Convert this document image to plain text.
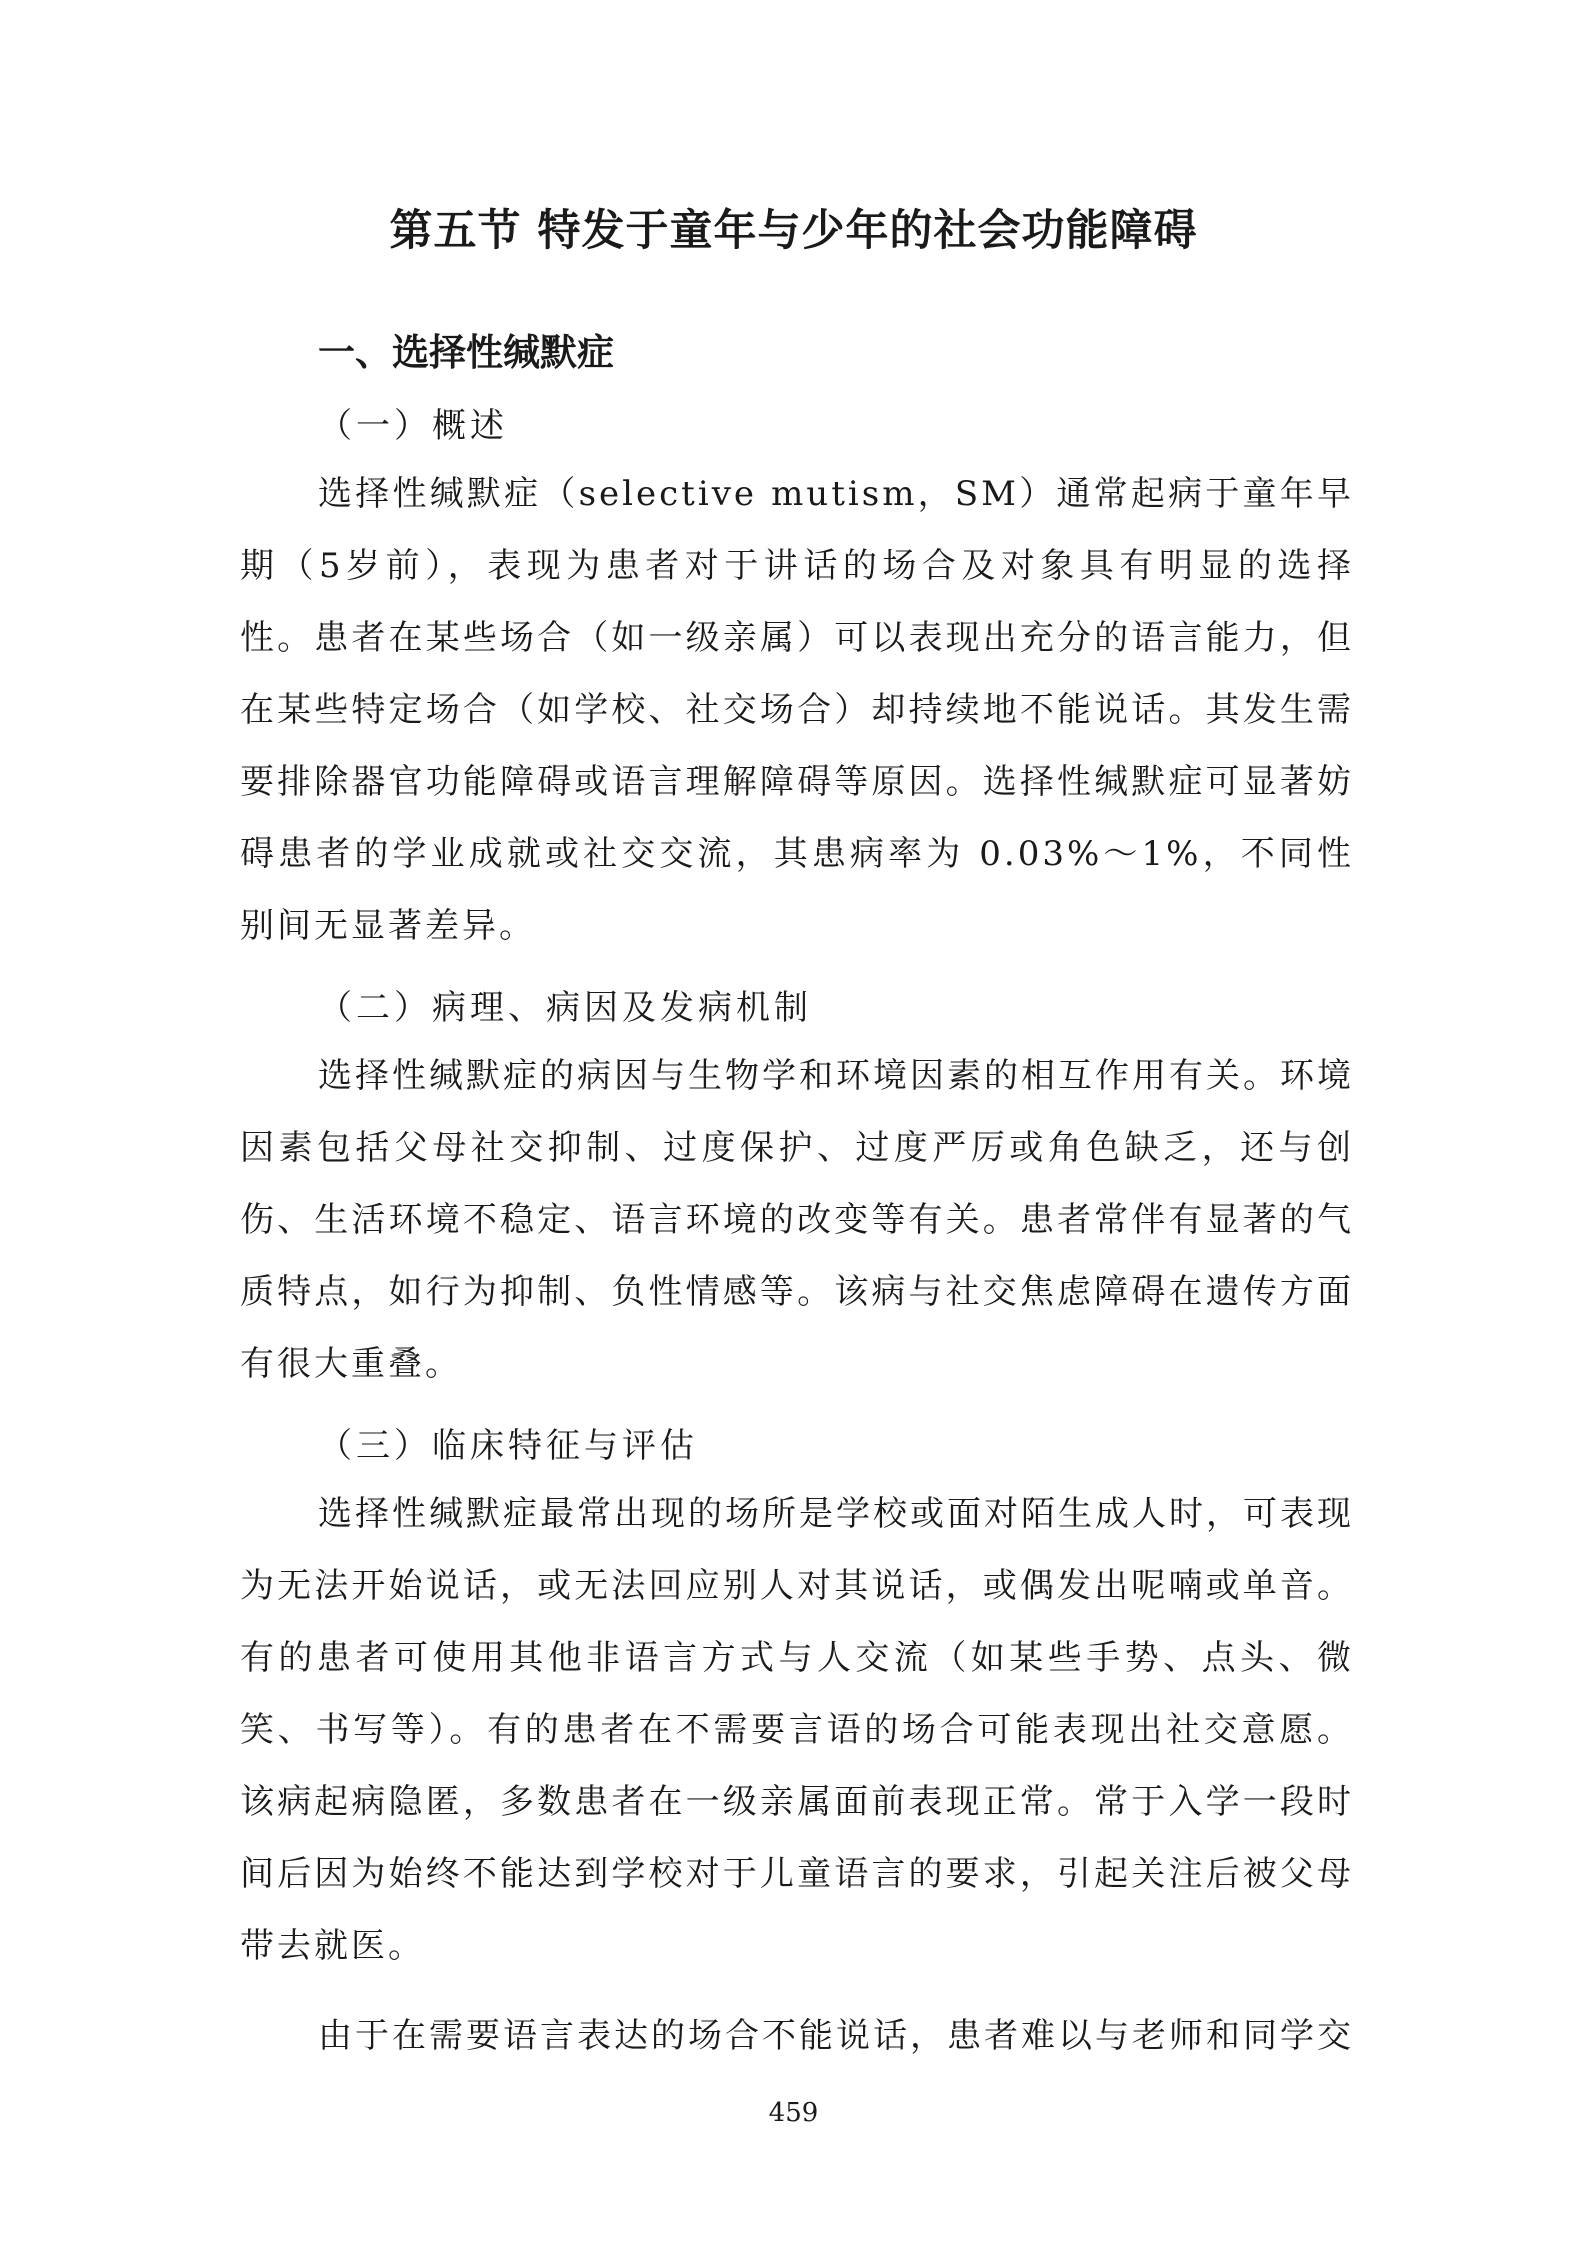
第五节 特发于童年与少年的社会功能障碍
一、选择性缄默症
（一）概述

选择性缄默症（selective mutism，SM）通常起病于童年早期（5岁前），表现为患者对于讲话的场合及对象具有明显的选择性。患者在某些场合（如一级亲属）可以表现出充分的语言能力，但在某些特定场合（如学校、社交场合）却持续地不能说话。其发生需要排除器官功能障碍或语言理解障碍等原因。选择性缄默症可显著妨碍患者的学业成就或社交交流，其患病率为 0.03%～1%，不同性别间无显著差异。

（二）病理、病因及发病机制

选择性缄默症的病因与生物学和环境因素的相互作用有关。环境因素包括父母社交抑制、过度保护、过度严厉或角色缺乏，还与创伤、生活环境不稳定、语言环境的改变等有关。患者常伴有显著的气质特点，如行为抑制、负性情感等。该病与社交焦虑障碍在遗传方面有很大重叠。

（三）临床特征与评估

选择性缄默症最常出现的场所是学校或面对陌生成人时，可表现为无法开始说话，或无法回应别人对其说话，或偶发出呢喃或单音。有的患者可使用其他非语言方式与人交流（如某些手势、点头、微笑、书写等）。有的患者在不需要言语的场合可能表现出社交意愿。该病起病隐匿，多数患者在一级亲属面前表现正常。常于入学一段时间后因为始终不能达到学校对于儿童语言的要求，引起关注后被父母带去就医。

由于在需要语言表达的场合不能说话，患者难以与老师和同学交

459
